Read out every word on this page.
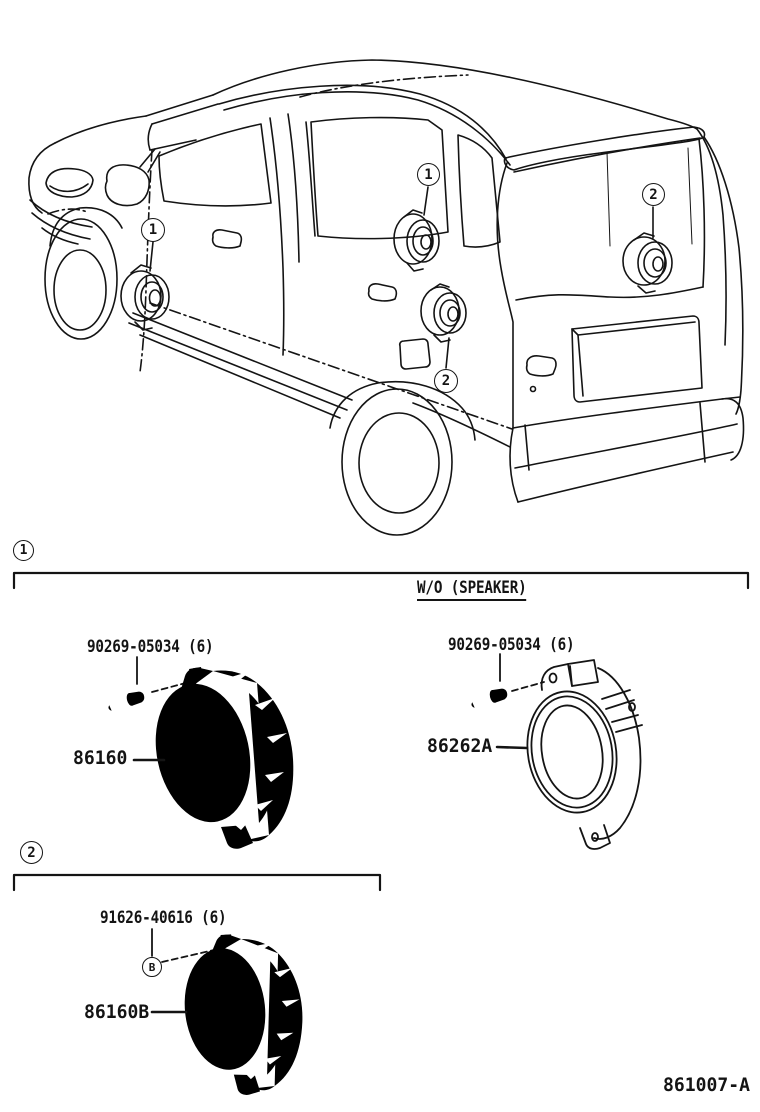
1
1
2
2
1
2
B
W/O (SPEAKER)
90269-05034 (6)
86160
90269-05034 (6)
86262A
91626-40616 (6)
86160B
861007-A
